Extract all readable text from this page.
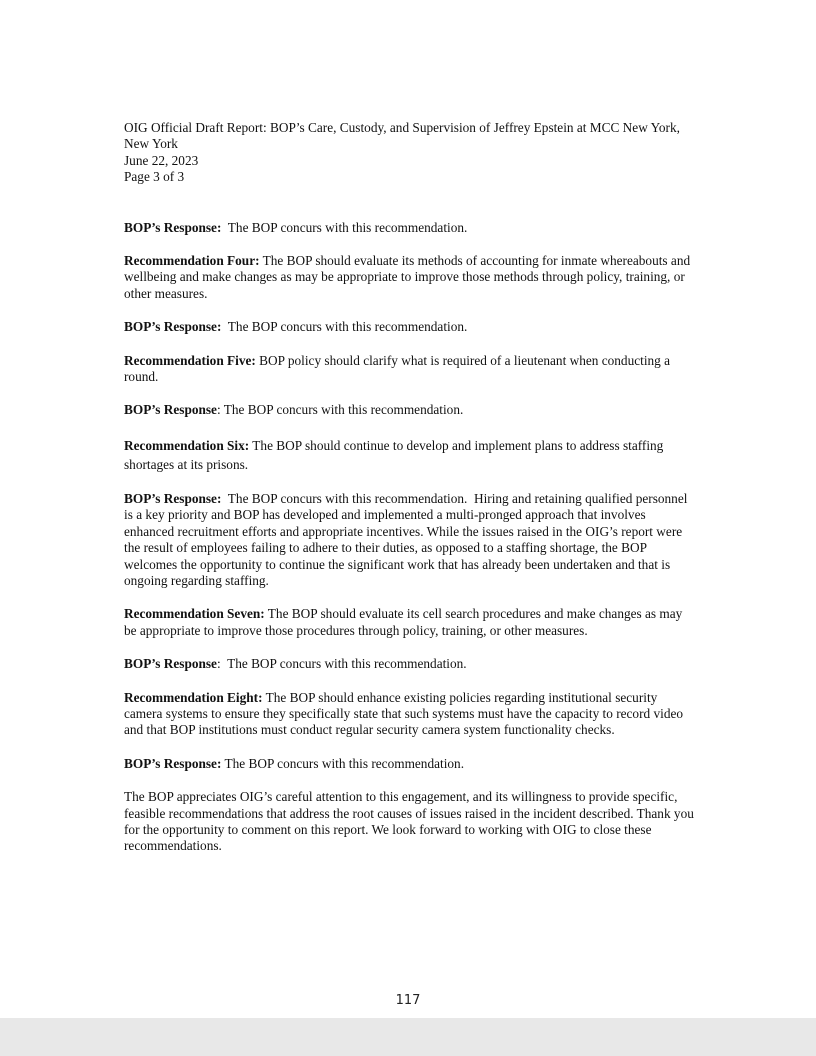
OIG Official Draft Report: BOP’s Care, Custody, and Supervision of Jeffrey Epstein at MCC New York,

New York

June 22, 2023

Page 3 of 3

BOP’s Response:  The BOP concurs with this recommendation.

Recommendation Four: The BOP should evaluate its methods of accounting for inmate whereabouts and wellbeing and make changes as may be appropriate to improve those methods through policy, training, or other measures.

BOP’s Response:  The BOP concurs with this recommendation.

Recommendation Five: BOP policy should clarify what is required of a lieutenant when conducting a round.

BOP’s Response: The BOP concurs with this recommendation.

Recommendation Six: The BOP should continue to develop and implement plans to address staffing shortages at its prisons.

BOP’s Response:  The BOP concurs with this recommendation.  Hiring and retaining qualified personnel is a key priority and BOP has developed and implemented a multi-pronged approach that involves enhanced recruitment efforts and appropriate incentives. While the issues raised in the OIG’s report were the result of employees failing to adhere to their duties, as opposed to a staffing shortage, the BOP welcomes the opportunity to continue the significant work that has already been undertaken and that is ongoing regarding staffing.

Recommendation Seven: The BOP should evaluate its cell search procedures and make changes as may be appropriate to improve those procedures through policy, training, or other measures.

BOP’s Response:  The BOP concurs with this recommendation.

Recommendation Eight: The BOP should enhance existing policies regarding institutional security camera systems to ensure they specifically state that such systems must have the capacity to record video and that BOP institutions must conduct regular security camera system functionality checks.

BOP’s Response: The BOP concurs with this recommendation.

The BOP appreciates OIG’s careful attention to this engagement, and its willingness to provide specific, feasible recommendations that address the root causes of issues raised in the incident described. Thank you for the opportunity to comment on this report. We look forward to working with OIG to close these recommendations.

117
